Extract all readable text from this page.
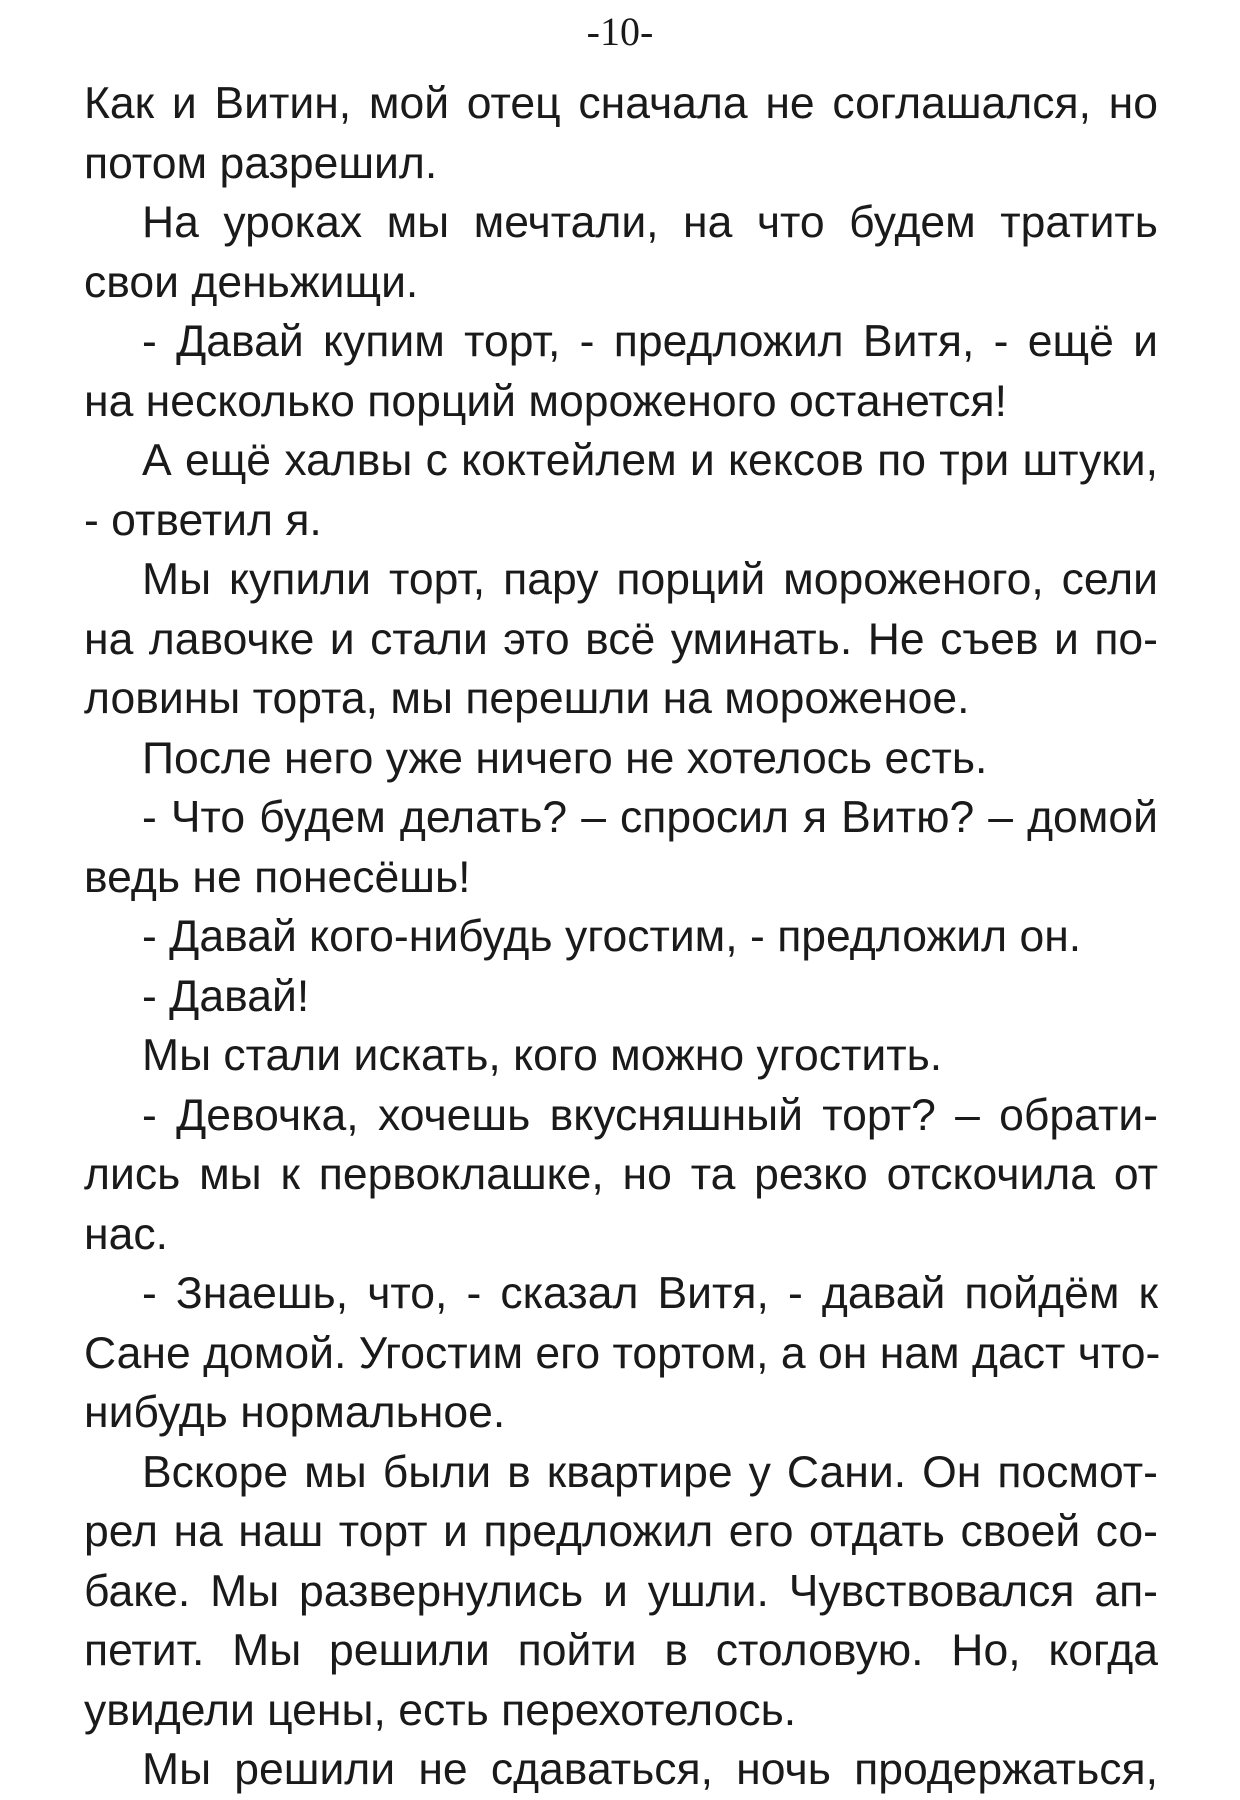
-10-
Как и Витин, мой отец сначала не соглашался, но
потом разрешил.
На уроках мы мечтали, на что будем тратить
свои деньжищи.
- Давай купим торт, - предложил Витя, - ещё и
на несколько порций мороженого останется!
А ещё халвы с коктейлем и кексов по три штуки,
- ответил я.
Мы купили торт, пару порций мороженого, сели
на лавочке и стали это всё уминать. Не съев и по-
ловины торта, мы перешли на мороженое.
После него уже ничего не хотелось есть.
- Что будем делать? – спросил я Витю? – домой
ведь не понесёшь!
- Давай кого-нибудь угостим, - предложил он.
- Давай!
Мы стали искать, кого можно угостить.
- Девочка, хочешь вкусняшный торт? – обрати-
лись мы к первоклашке, но та резко отскочила от
нас.
- Знаешь, что, - сказал Витя, - давай пойдём к
Сане домой. Угостим его тортом, а он нам даст что-
нибудь нормальное.
Вскоре мы были в квартире у Сани. Он посмот-
рел на наш торт и предложил его отдать своей со-
баке. Мы развернулись и ушли. Чувствовался ап-
петит. Мы решили пойти в столовую. Но, когда
увидели цены, есть перехотелось.
Мы решили не сдаваться, ночь продержаться,
